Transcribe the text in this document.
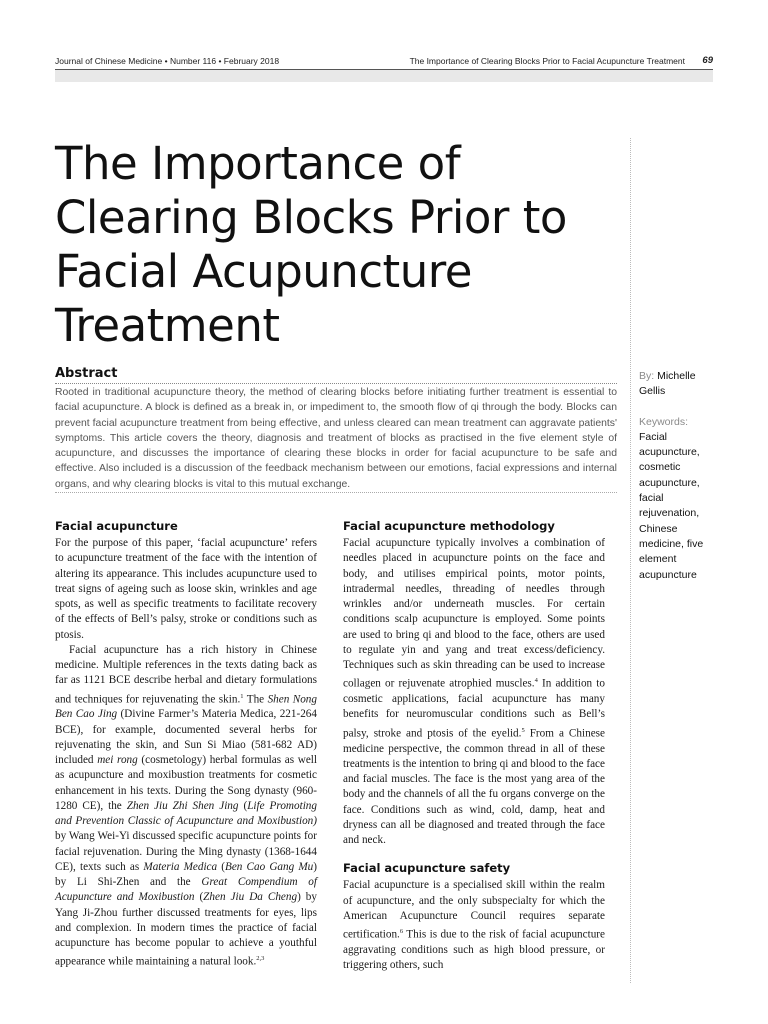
Journal of Chinese Medicine • Number 116 • February 2018	The Importance of Clearing Blocks Prior to Facial Acupuncture Treatment 69
The Importance of Clearing Blocks Prior to Facial Acupuncture Treatment
By: Michelle Gellis
Keywords:
Facial acupuncture, cosmetic acupuncture, facial rejuvenation, Chinese medicine, five element acupuncture
Abstract

Rooted in traditional acupuncture theory, the method of clearing blocks before initiating further treatment is essential to facial acupuncture. A block is defined as a break in, or impediment to, the smooth flow of qi through the body. Blocks can prevent facial acupuncture treatment from being effective, and unless cleared can mean treatment can aggravate patients' symptoms. This article covers the theory, diagnosis and treatment of blocks as practised in the five element style of acupuncture, and discusses the importance of clearing these blocks in order for facial acupuncture to be safe and effective. Also included is a discussion of the feedback mechanism between our emotions, facial expressions and internal organs, and why clearing blocks is vital to this mutual exchange.

Facial acupuncture

For the purpose of this paper, ‘facial acupuncture’ refers to acupuncture treatment of the face with the intention of altering its appearance. This includes acupuncture used to treat signs of ageing such as loose skin, wrinkles and age spots, as well as specific treatments to facilitate recovery of the effects of Bell’s palsy, stroke or conditions such as ptosis.

Facial acupuncture has a rich history in Chinese medicine. Multiple references in the texts dating back as far as 1121 BCE describe herbal and dietary formulations and techniques for rejuvenating the skin.$^1$ The Shen Nong Ben Cao Jing (Divine Farmer’s Materia Medica, 221-264 BCE), for example, documented several herbs for rejuvenating the skin, and Sun Si Miao (581-682 AD) included mei rong (cosmetology) herbal formulas as well as acupuncture and moxibustion treatments for cosmetic enhancement in his texts. During the Song dynasty (960-1280 CE), the Zhen Jiu Zhi Shen Jing (Life Promoting and Prevention Classic of Acupuncture and Moxibustion) by Wang Wei-Yi discussed specific acupuncture points for facial rejuvenation. During the Ming dynasty (1368-1644 CE), texts such as Materia Medica (Ben Cao Gang Mu) by Li Shi-Zhen and the Great Compendium of Acupuncture and Moxibustion (Zhen Jiu Da Cheng) by Yang Ji-Zhou further discussed treatments for eyes, lips and complexion. In modern times the practice of facial acupuncture has become popular to achieve a youthful appearance while maintaining a natural look.$^{2,3}$

Facial acupuncture methodology

Facial acupuncture typically involves a combination of needles placed in acupuncture points on the face and body, and utilises empirical points, motor points, intradermal needles, threading of needles through wrinkles and/or underneath muscles. For certain conditions scalp acupuncture is employed. Some points are used to bring qi and blood to the face, others are used to regulate yin and yang and treat excess/deficiency. Techniques such as skin threading can be used to increase collagen or rejuvenate atrophied muscles.$^4$ In addition to cosmetic applications, facial acupuncture has many benefits for neuromuscular conditions such as Bell’s palsy, stroke and ptosis of the eyelid.$^5$ From a Chinese medicine perspective, the common thread in all of these treatments is the intention to bring qi and blood to the face and facial muscles. The face is the most yang area of the body and the channels of all the fu organs converge on the face. Conditions such as wind, cold, damp, heat and dryness can all be diagnosed and treated through the face and neck.

Facial acupuncture safety

Facial acupuncture is a specialised skill within the realm of acupuncture, and the only subspecialty for which the American Acupuncture Council requires separate certification.$^6$ This is due to the risk of facial acupuncture aggravating conditions such as high blood pressure, or triggering others, such
